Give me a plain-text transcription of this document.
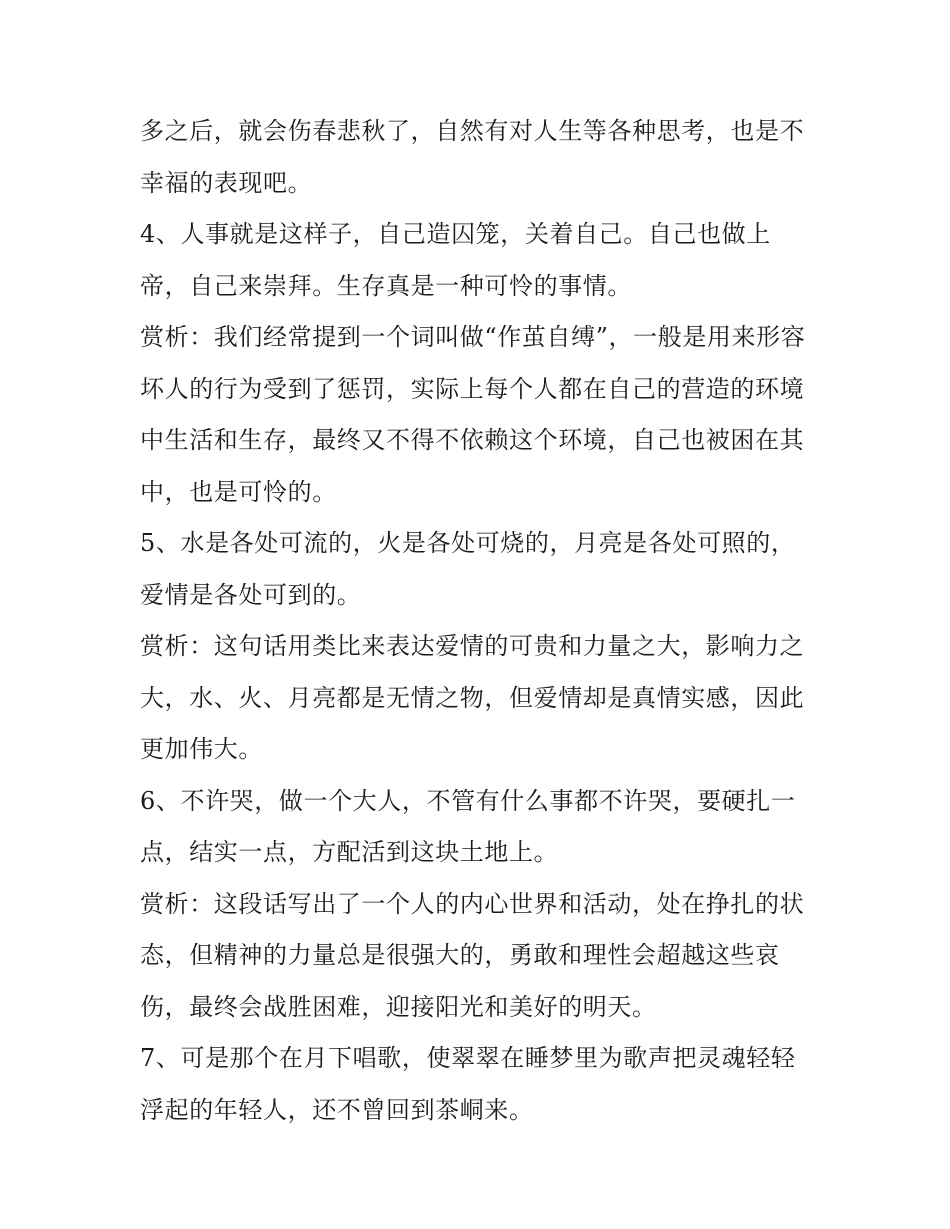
多之后，就会伤春悲秋了，自然有对人生等各种思考，也是不
幸福的表现吧。
4、人事就是这样子，自己造囚笼，关着自己。自己也做上
帝，自己来崇拜。生存真是一种可怜的事情。
赏析：我们经常提到一个词叫做“作茧自缚”，一般是用来形容
坏人的行为受到了惩罚，实际上每个人都在自己的营造的环境
中生活和生存，最终又不得不依赖这个环境，自己也被困在其
中，也是可怜的。
5、水是各处可流的，火是各处可烧的，月亮是各处可照的，
爱情是各处可到的。
赏析：这句话用类比来表达爱情的可贵和力量之大，影响力之
大，水、火、月亮都是无情之物，但爱情却是真情实感，因此
更加伟大。
6、不许哭，做一个大人，不管有什么事都不许哭，要硬扎一
点，结实一点，方配活到这块土地上。
赏析：这段话写出了一个人的内心世界和活动，处在挣扎的状
态，但精神的力量总是很强大的，勇敢和理性会超越这些哀
伤，最终会战胜困难，迎接阳光和美好的明天。
7、可是那个在月下唱歌，使翠翠在睡梦里为歌声把灵魂轻轻
浮起的年轻人，还不曾回到茶峒来。
